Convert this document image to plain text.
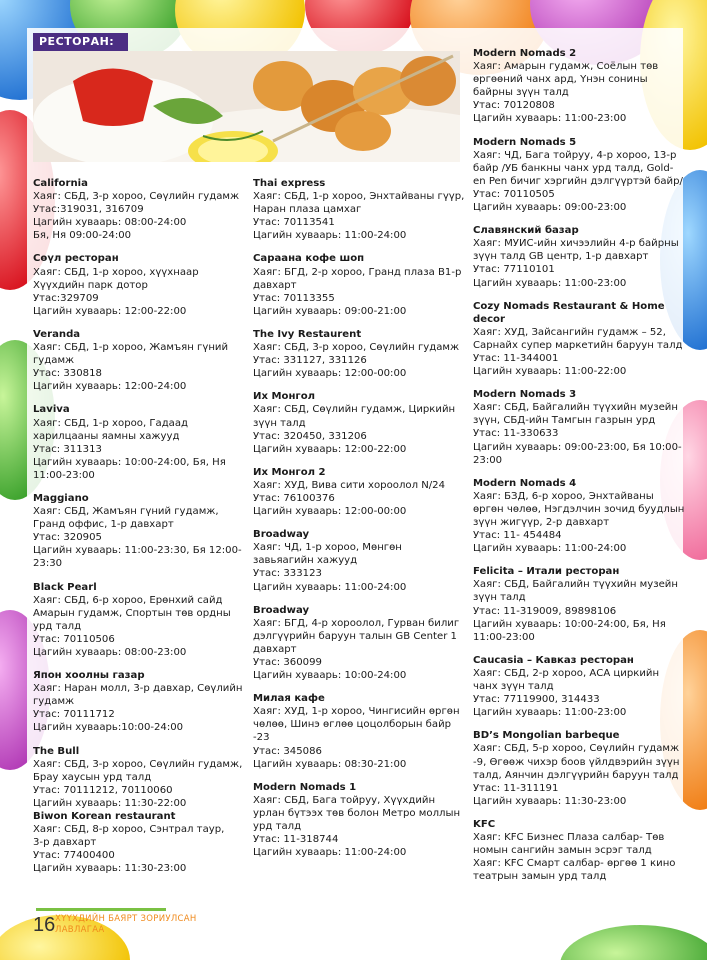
РЕСТОРАН:
California
Хаяг: СБД, 3-р хороо, Сөүлийн гудамж
Утас:319031, 316709
Цагийн хуваарь: 08:00-24:00
Бя, Ня 09:00-24:00
Сөүл ресторан
Хаяг: СБД, 1-р хороо, хүүхнаар
Хүүхдийн парк дотор
Утас:329709
Цагийн хуваарь: 12:00-22:00
Veranda
Хаяг: СБД, 1-р хороо, Жамъян гүний
гудамж
Утас: 330818
Цагийн хуваарь: 12:00-24:00
Laviva
Хаяг: СБД, 1-р хороо, Гадаад
харилцааны яамны хажууд
Утас: 311313
Цагийн хуваарь: 10:00-24:00, Бя, Ня
11:00-23:00
Maggiano
Хаяг: СБД, Жамъян гүний гудамж,
Гранд оффис, 1-р давхарт
Утас: 320905
Цагийн хуваарь: 11:00-23:30, Бя 12:00-
23:30
Black Pearl
Хаяг: СБД, 6-р хороо, Ерөнхий сайд
Амарын гудамж, Спортын төв ордны
урд талд
Утас: 70110506
Цагийн хуваарь: 08:00-23:00
Япон хоолны газар
Хаяг: Наран молл, 3-р давхар, Сөүлийн
гудамж
Утас: 70111712
Цагийн хуваарь:10:00-24:00
The Bull
Хаяг: СБД, 3-р хороо, Сөүлийн гудамж,
Брау хаусын урд талд
Утас: 70111212, 70110060
Цагийн хуваарь: 11:30-22:00
Biwon Korean restaurant
Хаяг: СБД, 8-р хороо, Сэнтрал таур,
3-р давхарт
Утас: 77400400
Цагийн хуваарь: 11:30-23:00
Thai express
Хаяг: СБД, 1-р хороо, Энхтайваны гүүр,
Наран плаза цамхаг
Утас: 70113541
Цагийн хуваарь: 11:00-24:00
Сараана кофе шоп
Хаяг: БГД, 2-р хороо, Гранд плаза В1-р
давхарт
Утас: 70113355
Цагийн хуваарь: 09:00-21:00
The Ivy Restaurent
Хаяг: СБД, 3-р хороо, Сөүлийн гудамж
Утас: 331127, 331126
Цагийн хуваарь: 12:00-00:00
Их Монгол
Хаяг: СБД, Сөүлийн гудамж, Циркийн
зүүн талд
Утас: 320450, 331206
Цагийн хуваарь: 12:00-22:00
Их Монгол 2
Хаяг: ХУД, Вива сити хороолол N/24
Утас: 76100376
Цагийн хуваарь: 12:00-00:00
Broadway
Хаяг: ЧД, 1-р хороо, Мөнгөн
завьяагийн хажууд
Утас: 333123
Цагийн хуваарь: 11:00-24:00
Broadway
Хаяг: БГД, 4-р хороолол, Гурван билиг
дэлгүүрийн баруун талын GB Center 1
давхарт
Утас: 360099
Цагийн хуваарь: 10:00-24:00
Милая кафе
Хаяг: ХУД, 1-р хороо, Чингисийн өргөн
чөлөө, Шинэ өглөө цоцолборын байр
-23
Утас: 345086
Цагийн хуваарь: 08:30-21:00
Modern Nomads 1
Хаяг: СБД, Бага тойруу, Хүүхдийн
урлан бүтээх төв болон Метро моллын
урд талд
Утас: 11-318744
Цагийн хуваарь: 11:00-24:00
Modern Nomads 2
Хаяг: Амарын гудамж, Соёлын төв
өргөөний чанх ард, Үнэн сонины
байрны зүүн талд
Утас: 70120808
Цагийн хуваарь: 11:00-23:00
Modern Nomads 5
Хаяг: ЧД, Бага тойруу, 4-р хороо, 13-р
байр /УБ банкны чанх урд талд, Gold-
en Pen бичиг хэргийн дэлгүүртэй байр/
Утас: 70110505
Цагийн хуваарь: 09:00-23:00
Славянский базар
Хаяг: МУИС-ийн хичээлийн 4-р байрны
зүүн талд GB центр, 1-р давхарт
Утас: 77110101
Цагийн хуваарь: 11:00-23:00
Cozy Nomads Restaurant & Home
decor
Хаяг: ХУД, Зайсангийн гудамж – 52,
Сарнайх супер маркетийн баруун талд
Утас: 11-344001
Цагийн хуваарь: 11:00-22:00
Modern Nomads 3
Хаяг: СБД, Байгалийн түүхийн музейн
зүүн, СБД-ийн Тамгын газрын урд
Утас: 11-330633
Цагийн хуваарь: 09:00-23:00, Бя 10:00-
23:00
Modern Nomads 4
Хаяг: БЗД, 6-р хороо, Энхтайваны
өргөн чөлөө, Нэгдэлчин зочид буудлын
зүүн жигүүр, 2-р давхарт
Утас: 11- 454484
Цагийн хуваарь: 11:00-24:00
Felicita – Итали ресторан
Хаяг: СБД, Байгалийн түүхийн музейн
зүүн талд
Утас: 11-319009, 89898106
Цагийн хуваарь: 10:00-24:00, Бя, Ня
11:00-23:00
Caucasia – Кавказ ресторан
Хаяг: СБД, 2-р хороо, АСА циркийн
чанх зүүн талд
Утас: 77119900, 314433
Цагийн хуваарь: 11:00-23:00
BD’s Mongolian barbeque
Хаяг: СБД, 5-р хороо, Сөүлийн гудамж
-9, Өгөөж чихэр боов үйлдвэрийн зүүн
талд, Аянчин дэлгүүрийн баруун талд
Утас: 11-311191
Цагийн хуваарь: 11:30-23:00
KFC
Хаяг: KFC Бизнес Плаза салбар- Төв
номын сангийн замын эсрэг талд
Хаяг: KFC Смарт салбар- өргөө 1 кино
театрын замын урд талд
16 ХҮҮХДИЙН БАЯРТ ЗОРИУЛСАН
ЛАВЛАГАА
